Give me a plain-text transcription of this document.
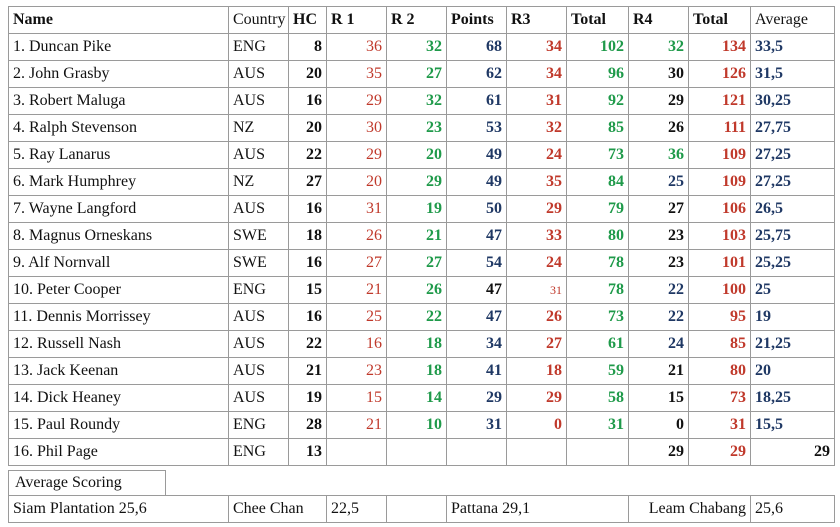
Name	Country	HC	R 1	R 2	Points	R3	Total	R4	Total	Average
1. Duncan Pike	ENG	8	36	32	68	34	102	32	134	33,5
2. John Grasby	AUS	20	35	27	62	34	96	30	126	31,5
3. Robert Maluga	AUS	16	29	32	61	31	92	29	121	30,25
4. Ralph Stevenson	NZ	20	30	23	53	32	85	26	111	27,75
5. Ray Lanarus	AUS	22	29	20	49	24	73	36	109	27,25
6. Mark Humphrey	NZ	27	20	29	49	35	84	25	109	27,25
7. Wayne Langford	AUS	16	31	19	50	29	79	27	106	26,5
8. Magnus Orneskans	SWE	18	26	21	47	33	80	23	103	25,75
9. Alf Nornvall	SWE	16	27	27	54	24	78	23	101	25,25
10. Peter Cooper	ENG	15	21	26	47	31	78	22	100	25
11. Dennis Morrissey	AUS	16	25	22	47	26	73	22	95	19
12. Russell Nash	AUS	22	16	18	34	27	61	24	85	21,25
13. Jack Keenan	AUS	21	23	18	41	18	59	21	80	20
14. Dick Heaney	AUS	19	15	14	29	29	58	15	73	18,25
15. Paul Roundy	ENG	28	21	10	31	0	31	0	31	15,5
16. Phil Page	ENG	13						29	29	29
Average Scoring
Siam Plantation 25,6	Chee Chan	22,5		Pattana 29,1	Leam Chabang	25,6
